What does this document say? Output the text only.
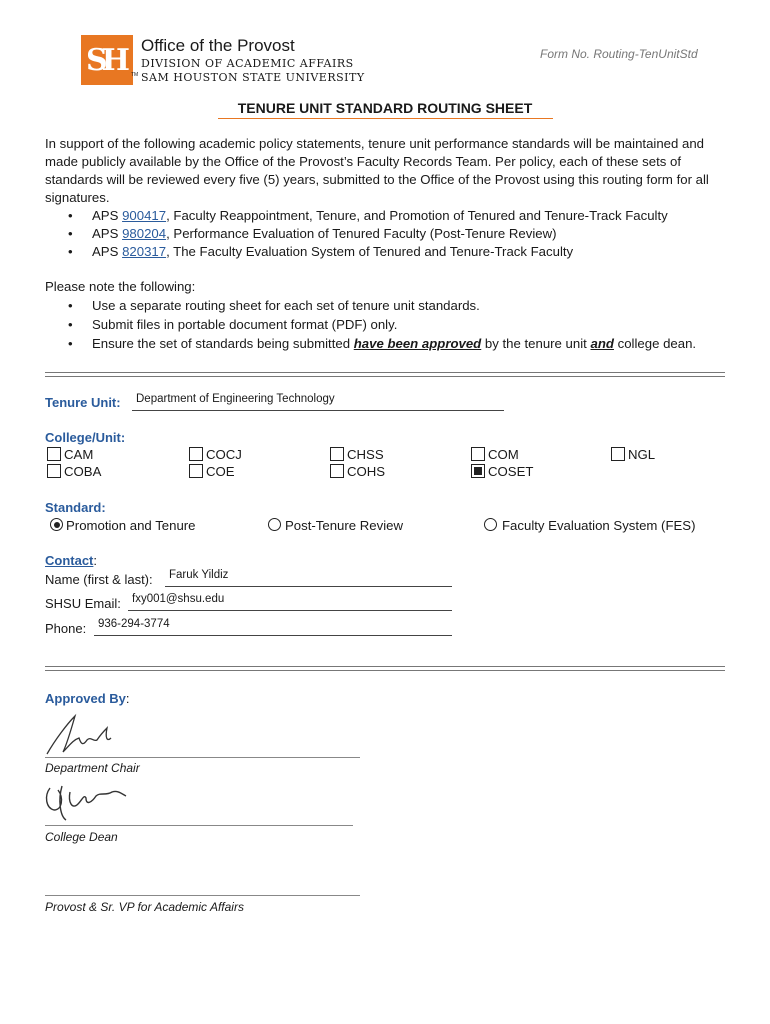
SH Office of the Provost
DIVISION OF ACADEMIC AFFAIRS
TM SAM HOUSTON STATE UNIVERSITY
Form No. Routing-TenUnitStd
TENURE UNIT STANDARD ROUTING SHEET
In support of the following academic policy statements, tenure unit performance standards will be maintained and made publicly available by the Office of the Provost’s Faculty Records Team. Per policy, each of these sets of standards will be reviewed every five (5) years, submitted to the Office of the Provost using this routing form for all signatures.
• APS 900417, Faculty Reappointment, Tenure, and Promotion of Tenured and Tenure-Track Faculty
• APS 980204, Performance Evaluation of Tenured Faculty (Post-Tenure Review)
• APS 820317, The Faculty Evaluation System of Tenured and Tenure-Track Faculty
Please note the following:
• Use a separate routing sheet for each set of tenure unit standards.
• Submit files in portable document format (PDF) only.
• Ensure the set of standards being submitted have been approved by the tenure unit and college dean.
Tenure Unit: Department of Engineering Technology
College/Unit:
CAM
COBA
COCJ
COE
CHSS
COHS
COM
COSET
NGL
Standard:
Promotion and Tenure	Post-Tenure Review	Faculty Evaluation System (FES)
Contact:
Name (first & last): Faruk Yildiz
SHSU Email: fxy001@shsu.edu
Phone: 936-294-3774
Approved By:
Department Chair
College Dean
Provost & Sr. VP for Academic Affairs
